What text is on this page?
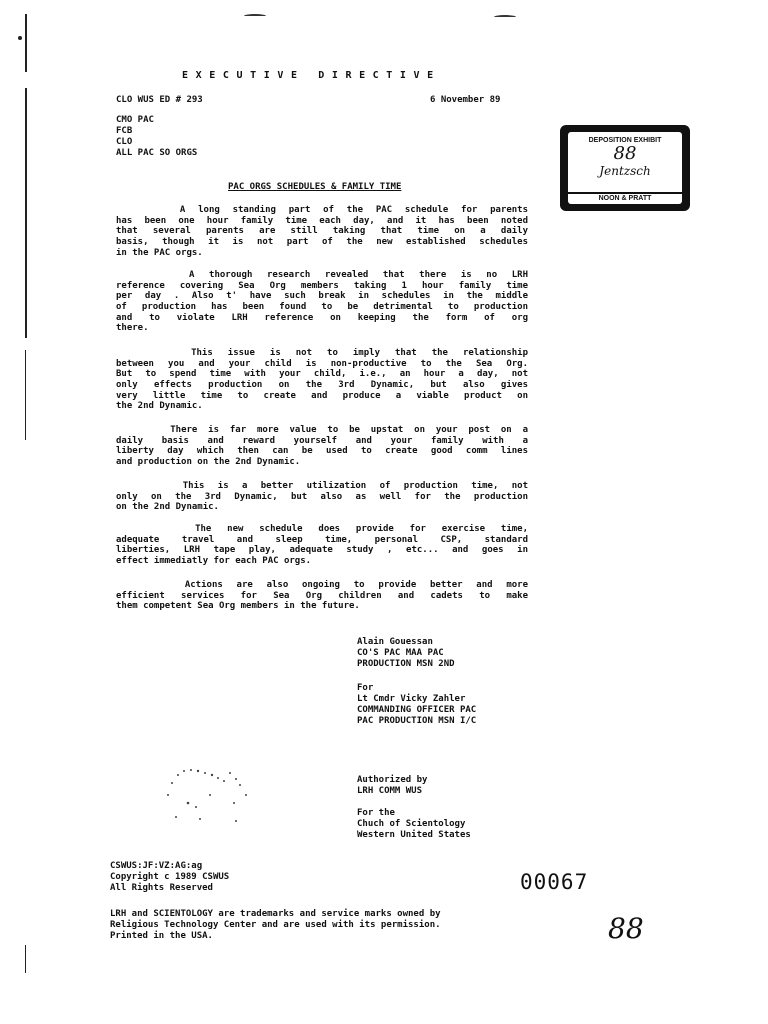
EXECUTIVE DIRECTIVE
CLO WUS ED # 293	6 November 89
CMO PAC
FCB
CLO
ALL PAC SO ORGS
PAC ORGS SCHEDULES & FAMILY TIME
A long standing part of the PAC schedule for parents
has been one hour family time each day, and it has been noted
that several parents are still taking that time on a daily
basis, though it is not part of the new established schedules
in the PAC orgs.
A thorough research revealed that there is no LRH
reference covering Sea Org members taking 1 hour family time
per day . Also t' have such break in schedules in the middle
of production has been found to be detrimental to production
and to violate LRH reference on keeping the form of org
there.
This issue is not to imply that the relationship
between you and your child is non-productive to the Sea Org.
But to spend time with your child, i.e., an hour a day, not
only effects production on the 3rd Dynamic, but also gives
very little time to create and produce a viable product on
the 2nd Dynamic.
There is far more value to be upstat on your post on a
daily basis and reward yourself and your family with a
liberty day which then can be used to create good comm lines
and production on the 2nd Dynamic.
This is a better utilization of production time, not
only on the 3rd Dynamic, but also as well for the production
on the 2nd Dynamic.
The new schedule does provide for exercise time,
adequate travel and sleep time, personal CSP, standard
liberties, LRH tape play, adequate study , etc... and goes in
effect immediatly for each PAC orgs.
Actions are also ongoing to provide better and more
efficient services for Sea Org children and cadets to make
them competent Sea Org members in the future.
Alain Gouessan
CO'S PAC MAA PAC
PRODUCTION MSN 2ND
For
Lt Cmdr Vicky Zahler
COMMANDING OFFICER PAC
PAC PRODUCTION MSN I/C
Authorized by
LRH COMM WUS
For the
Chuch of Scientology
Western United States
CSWUS:JF:VZ:AG:ag
Copyright c 1989 CSWUS
All Rights Reserved
LRH and SCIENTOLOGY are trademarks and service marks owned by
Religious Technology Center and are used with its permission.
Printed in the USA.
DEPOSITION EXHIBIT
88
Jentzsch
NOON & PRATT
00067
88
